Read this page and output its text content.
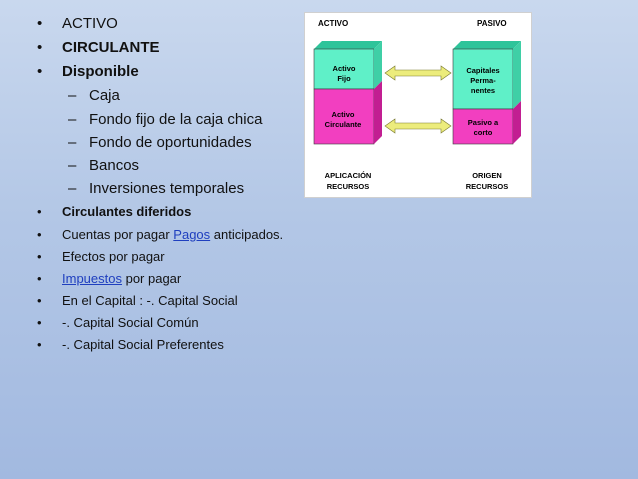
• ACTIVO
• CIRCULANTE
• Disponible
– Caja
– Fondo fijo de la caja chica
– Fondo de oportunidades
– Bancos
– Inversiones temporales
• Circulantes diferidos
• Cuentas por pagar Pagos anticipados.
• Efectos por pagar
• Impuestos por pagar
• En el Capital : -. Capital Social
• -. Capital Social Común
• -. Capital Social Preferentes
ACTIVO	PASIVO
Activo
Fijo
Activo
Circulante
Capitales
Perma-
nentes
Pasivo a
corto
APLICACIÓN
RECURSOS
ORIGEN
RECURSOS
